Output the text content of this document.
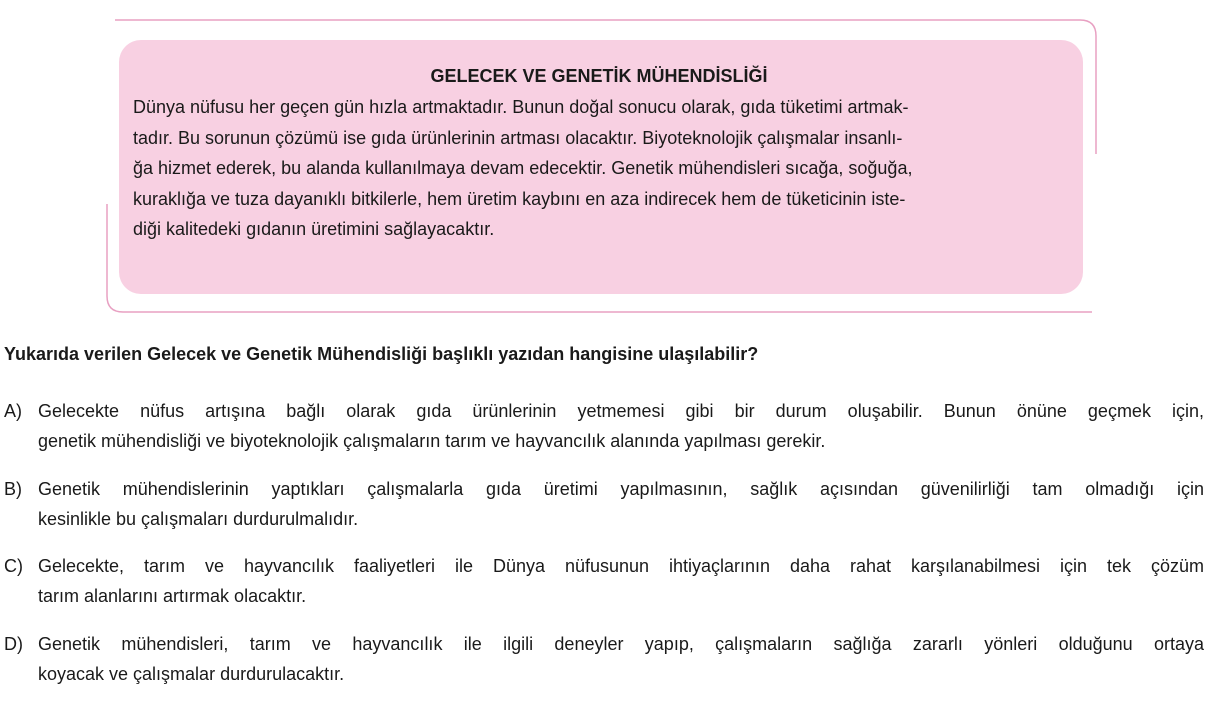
GELECEK VE GENETİK MÜHENDİSLİĞİ

Dünya nüfusu her geçen gün hızla artmaktadır. Bunun doğal sonucu olarak, gıda tüketimi artmak-
tadır. Bu sorunun çözümü ise gıda ürünlerinin artması olacaktır. Biyoteknolojik çalışmalar insanlı-
ğa hizmet ederek, bu alanda kullanılmaya devam edecektir. Genetik mühendisleri sıcağa, soğuğa,
kuraklığa ve tuza dayanıklı bitkilerle, hem üretim kaybını en aza indirecek hem de tüketicinin iste-
diği kalitedeki gıdanın üretimini sağlayacaktır.

Yukarıda verilen Gelecek ve Genetik Mühendisliği başlıklı yazıdan hangisine ulaşılabilir?

A) Gelecekte nüfus artışına bağlı olarak gıda ürünlerinin yetmemesi gibi bir durum oluşabilir. Bunun önüne geçmek için,
genetik mühendisliği ve biyoteknolojik çalışmaların tarım ve hayvancılık alanında yapılması gerekir.
B) Genetik mühendislerinin yaptıkları çalışmalarla gıda üretimi yapılmasının, sağlık açısından güvenilirliği tam olmadığı için
kesinlikle bu çalışmaları durdurulmalıdır.
C) Gelecekte, tarım ve hayvancılık faaliyetleri ile Dünya nüfusunun ihtiyaçlarının daha rahat karşılanabilmesi için tek çözüm
tarım alanlarını artırmak olacaktır.
D) Genetik mühendisleri, tarım ve hayvancılık ile ilgili deneyler yapıp, çalışmaların sağlığa zararlı yönleri olduğunu ortaya
koyacak ve çalışmalar durdurulacaktır.
